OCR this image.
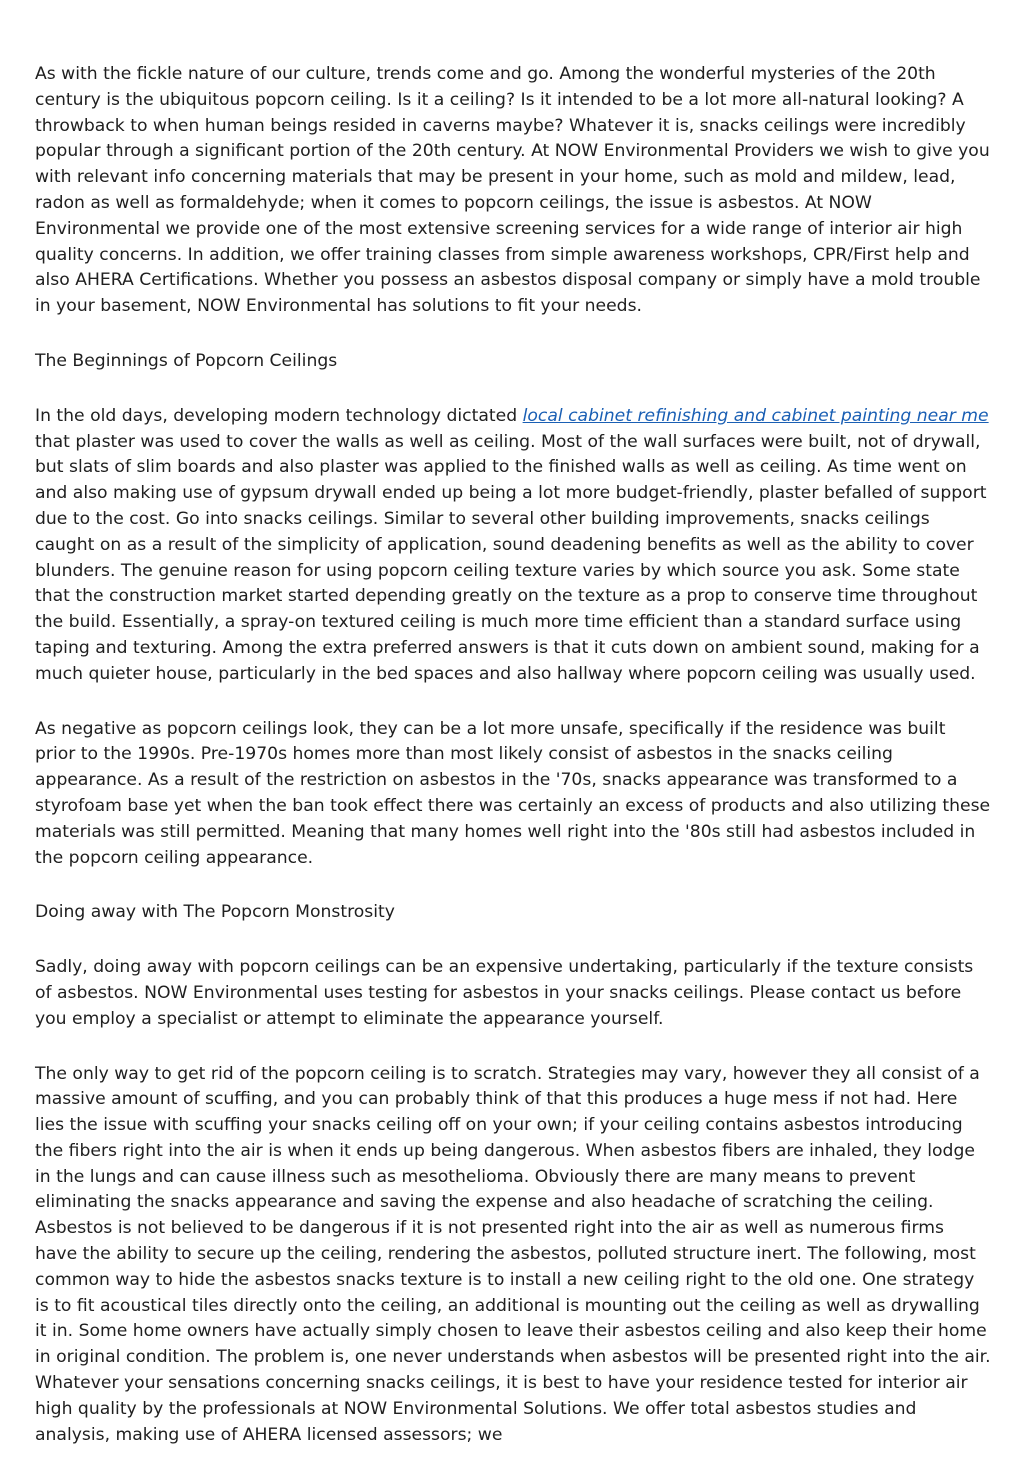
As with the fickle nature of our culture, trends come and go. Among the wonderful mysteries of the 20th century is the ubiquitous popcorn ceiling. Is it a ceiling? Is it intended to be a lot more all-natural looking? A throwback to when human beings resided in caverns maybe? Whatever it is, snacks ceilings were incredibly popular through a significant portion of the 20th century. At NOW Environmental Providers we wish to give you with relevant info concerning materials that may be present in your home, such as mold and mildew, lead, radon as well as formaldehyde; when it comes to popcorn ceilings, the issue is asbestos. At NOW Environmental we provide one of the most extensive screening services for a wide range of interior air high quality concerns. In addition, we offer training classes from simple awareness workshops, CPR/First help and also AHERA Certifications. Whether you possess an asbestos disposal company or simply have a mold trouble in your basement, NOW Environmental has solutions to fit your needs.

The Beginnings of Popcorn Ceilings

In the old days, developing modern technology dictated local cabinet refinishing and cabinet painting near me that plaster was used to cover the walls as well as ceiling. Most of the wall surfaces were built, not of drywall, but slats of slim boards and also plaster was applied to the finished walls as well as ceiling. As time went on and also making use of gypsum drywall ended up being a lot more budget-friendly, plaster befalled of support due to the cost. Go into snacks ceilings. Similar to several other building improvements, snacks ceilings caught on as a result of the simplicity of application, sound deadening benefits as well as the ability to cover blunders. The genuine reason for using popcorn ceiling texture varies by which source you ask. Some state that the construction market started depending greatly on the texture as a prop to conserve time throughout the build. Essentially, a spray-on textured ceiling is much more time efficient than a standard surface using taping and texturing. Among the extra preferred answers is that it cuts down on ambient sound, making for a much quieter house, particularly in the bed spaces and also hallway where popcorn ceiling was usually used.

As negative as popcorn ceilings look, they can be a lot more unsafe, specifically if the residence was built prior to the 1990s. Pre-1970s homes more than most likely consist of asbestos in the snacks ceiling appearance. As a result of the restriction on asbestos in the '70s, snacks appearance was transformed to a styrofoam base yet when the ban took effect there was certainly an excess of products and also utilizing these materials was still permitted. Meaning that many homes well right into the '80s still had asbestos included in the popcorn ceiling appearance.

Doing away with The Popcorn Monstrosity

Sadly, doing away with popcorn ceilings can be an expensive undertaking, particularly if the texture consists of asbestos. NOW Environmental uses testing for asbestos in your snacks ceilings. Please contact us before you employ a specialist or attempt to eliminate the appearance yourself.

The only way to get rid of the popcorn ceiling is to scratch. Strategies may vary, however they all consist of a massive amount of scuffing, and you can probably think of that this produces a huge mess if not had. Here lies the issue with scuffing your snacks ceiling off on your own; if your ceiling contains asbestos introducing the fibers right into the air is when it ends up being dangerous. When asbestos fibers are inhaled, they lodge in the lungs and can cause illness such as mesothelioma. Obviously there are many means to prevent eliminating the snacks appearance and saving the expense and also headache of scratching the ceiling. Asbestos is not believed to be dangerous if it is not presented right into the air as well as numerous firms have the ability to secure up the ceiling, rendering the asbestos, polluted structure inert. The following, most common way to hide the asbestos snacks texture is to install a new ceiling right to the old one. One strategy is to fit acoustical tiles directly onto the ceiling, an additional is mounting out the ceiling as well as drywalling it in. Some home owners have actually simply chosen to leave their asbestos ceiling and also keep their home in original condition. The problem is, one never understands when asbestos will be presented right into the air. Whatever your sensations concerning snacks ceilings, it is best to have your residence tested for interior air high quality by the professionals at NOW Environmental Solutions. We offer total asbestos studies and analysis, making use of AHERA licensed assessors; we
